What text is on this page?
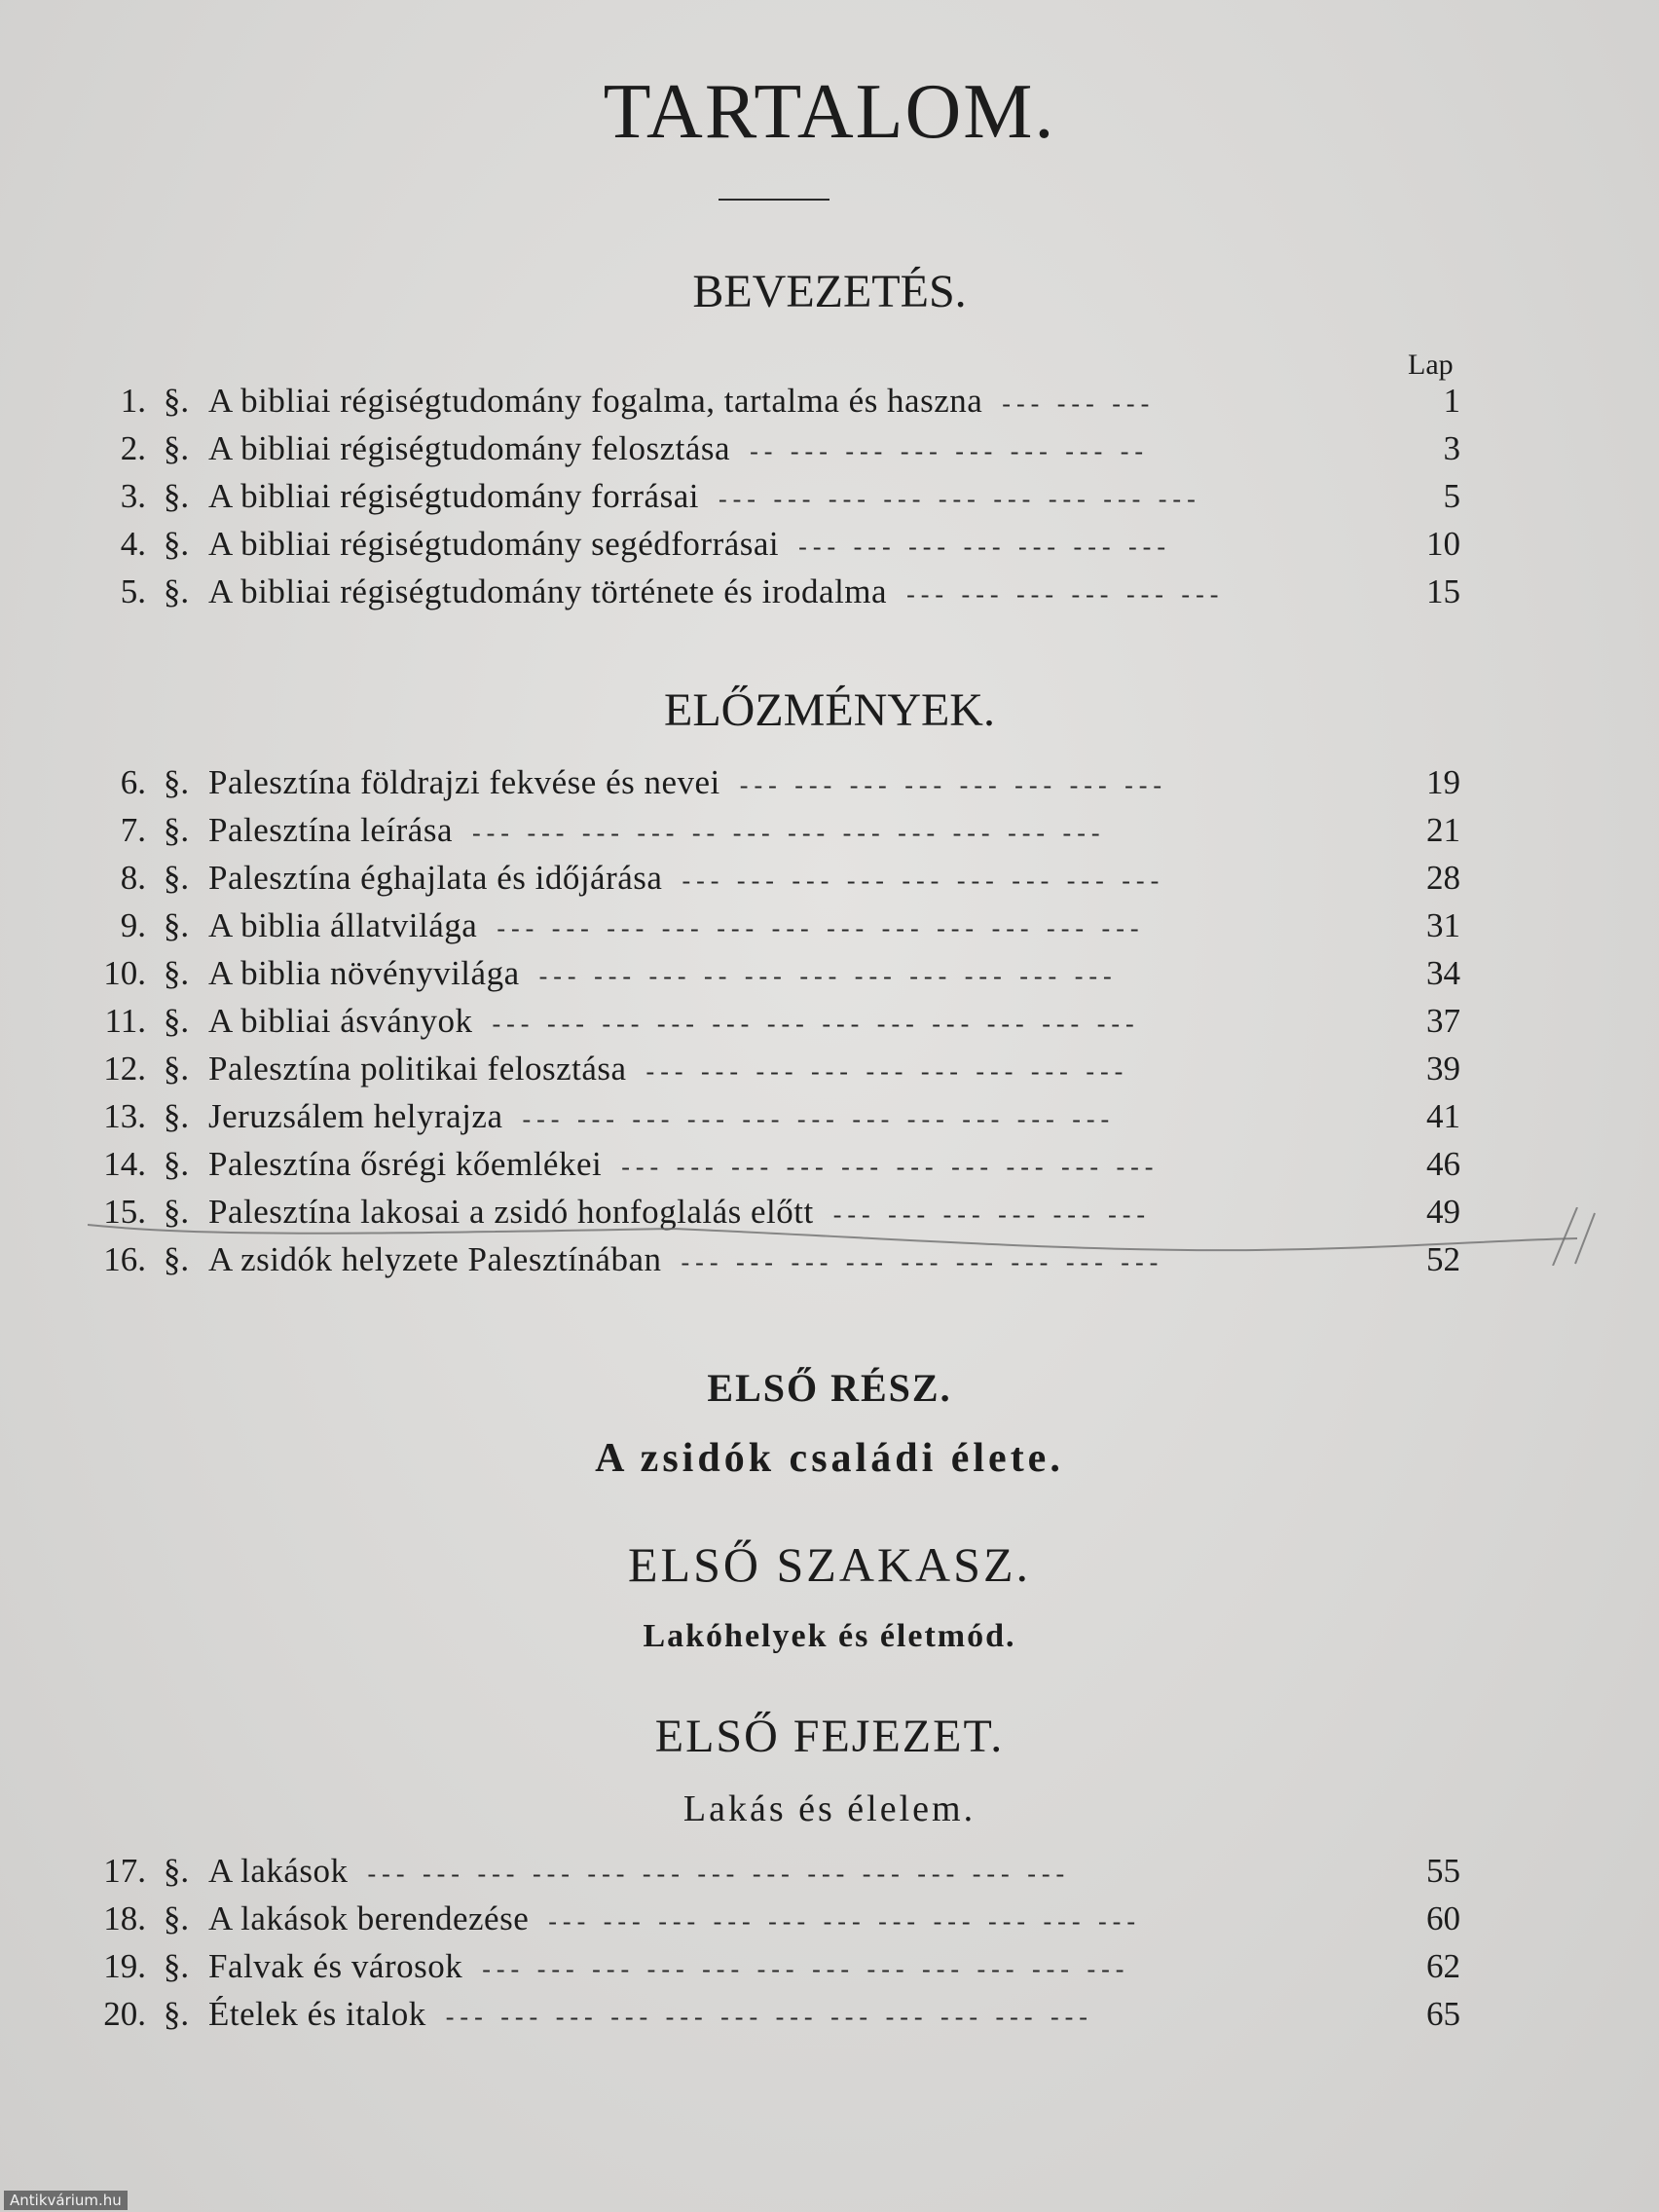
TARTALOM.
BEVEZETÉS.
Lap
1. §. A bibliai régiségtudomány fogalma, tartalma és haszna --- --- ---	1
2. §. A bibliai régiségtudomány felosztása -- --- --- --- --- --- --- --	3
3. §. A bibliai régiségtudomány forrásai --- --- --- --- --- --- --- --- ---	5
4. §. A bibliai régiségtudomány segédforrásai --- --- --- --- --- --- ---	10
5. §. A bibliai régiségtudomány története és irodalma --- --- --- --- --- ---	15
ELŐZMÉNYEK.
6. §. Palesztína földrajzi fekvése és nevei --- --- --- --- --- --- --- ---	19
7. §. Palesztína leírása --- --- --- --- -- --- --- --- --- --- --- ---	21
8. §. Palesztína éghajlata és időjárása --- --- --- --- --- --- --- --- ---	28
9. §. A biblia állatvilága --- --- --- --- --- --- --- --- --- --- --- ---	31
10. §. A biblia növényvilága --- --- --- -- --- --- --- --- --- --- ---	34
11. §. A bibliai ásványok --- --- --- --- --- --- --- --- --- --- --- ---	37
12. §. Palesztína politikai felosztása --- --- --- --- --- --- --- --- ---	39
13. §. Jeruzsálem helyrajza --- --- --- --- --- --- --- --- --- --- ---	41
14. §. Palesztína ősrégi kőemlékei --- --- --- --- --- --- --- --- --- ---	46
15. §. Palesztína lakosai a zsidó honfoglalás előtt --- --- --- --- --- ---	49
16. §. A zsidók helyzete Palesztínában --- --- --- --- --- --- --- --- ---	52
ELSŐ RÉSZ.
A zsidók családi élete.
ELSŐ SZAKASZ.
Lakóhelyek és életmód.
ELSŐ FEJEZET.
Lakás és élelem.
17. §. A lakások --- --- --- --- --- --- --- --- --- --- --- --- ---	55
18. §. A lakások berendezése --- --- --- --- --- --- --- --- --- --- ---	60
19. §. Falvak és városok --- --- --- --- --- --- --- --- --- --- --- ---	62
20. §. Ételek és italok --- --- --- --- --- --- --- --- --- --- --- ---	65
Antikvárium.hu
